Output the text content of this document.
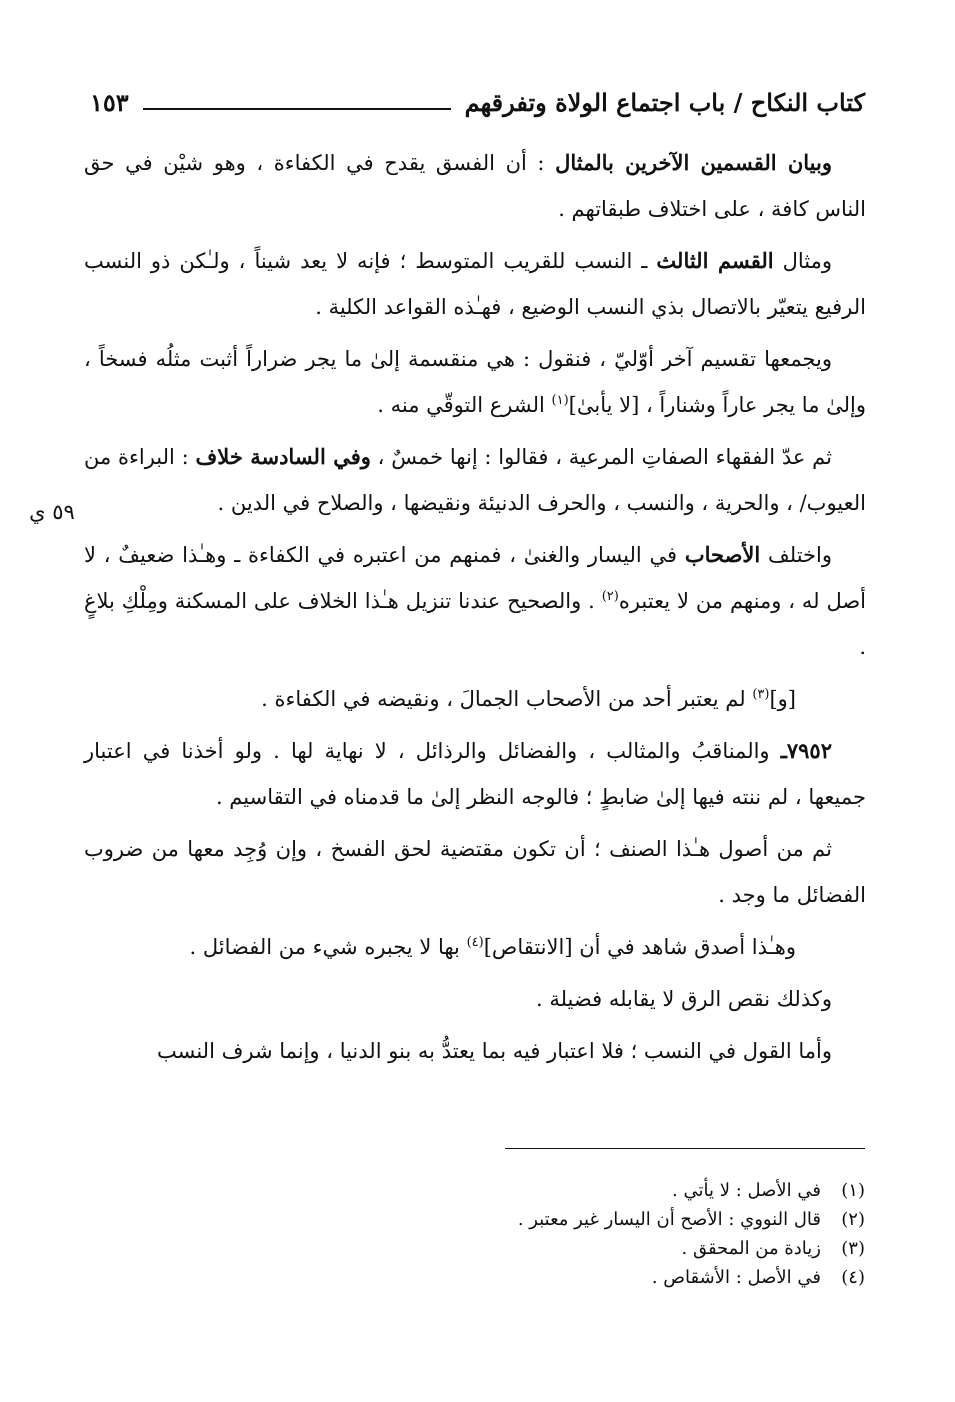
كتاب النكاح / باب اجتماع الولاة وتفرقهم
١٥٣
٥٩ ي

وبيان القسمين الآخرين بالمثال : أن الفسق يقدح في الكفاءة ، وهو شيْن في حق الناس كافة ، على اختلاف طبقاتهم .

ومثال القسم الثالث ـ النسب للقريب المتوسط ؛ فإنه لا يعد شيناً ، ولـٰكن ذو النسب الرفيع يتعيّر بالاتصال بذي النسب الوضيع ، فهـٰذه القواعد الكلية .

ويجمعها تقسيم آخر أوّليّ ، فنقول : هي منقسمة إلىٰ ما يجر ضراراً أثبت مثلُه فسخاً ، وإلىٰ ما يجر عاراً وشناراً ، [لا يأبىٰ]$^{(١)}$ الشرع التوقّي منه .

ثم عدّ الفقهاء الصفاتِ المرعية ، فقالوا : إنها خمسٌ ، وفي السادسة خلاف : البراءة من العيوب/ ، والحرية ، والنسب ، والحرف الدنيئة ونقيضها ، والصلاح في الدين .

واختلف الأصحاب في اليسار والغنىٰ ، فمنهم من اعتبره في الكفاءة ـ وهـٰذا ضعيفٌ ، لا أصل له ، ومنهم من لا يعتبره$^{(٢)}$ . والصحيح عندنا تنزيل هـٰذا الخلاف على المسكنة ومِلْكِ بلاغٍ .

[و]$^{(٣)}$ لم يعتبر أحد من الأصحاب الجمالَ ، ونقيضه في الكفاءة .

٧٩٥٢ـ والمناقبُ والمثالب ، والفضائل والرذائل ، لا نهاية لها . ولو أخذنا في اعتبار جميعها ، لم ننته فيها إلىٰ ضابطٍ ؛ فالوجه النظر إلىٰ ما قدمناه في التقاسيم .

ثم من أصول هـٰذا الصنف ؛ أن تكون مقتضية لحق الفسخ ، وإن وُجِد معها من ضروب الفضائل ما وجد .

وهـٰذا أصدق شاهد في أن [الانتقاص]$^{(٤)}$ بها لا يجبره شيء من الفضائل .

وكذلك نقص الرق لا يقابله فضيلة .

وأما القول في النسب ؛ فلا اعتبار فيه بما يعتدُّ به بنو الدنيا ، وإنما شرف النسب

(١)
في الأصل : لا يأتي .
(٢)
قال النووي : الأصح أن اليسار غير معتبر .
(٣)
زيادة من المحقق .
(٤)
في الأصل : الأشقاص .
